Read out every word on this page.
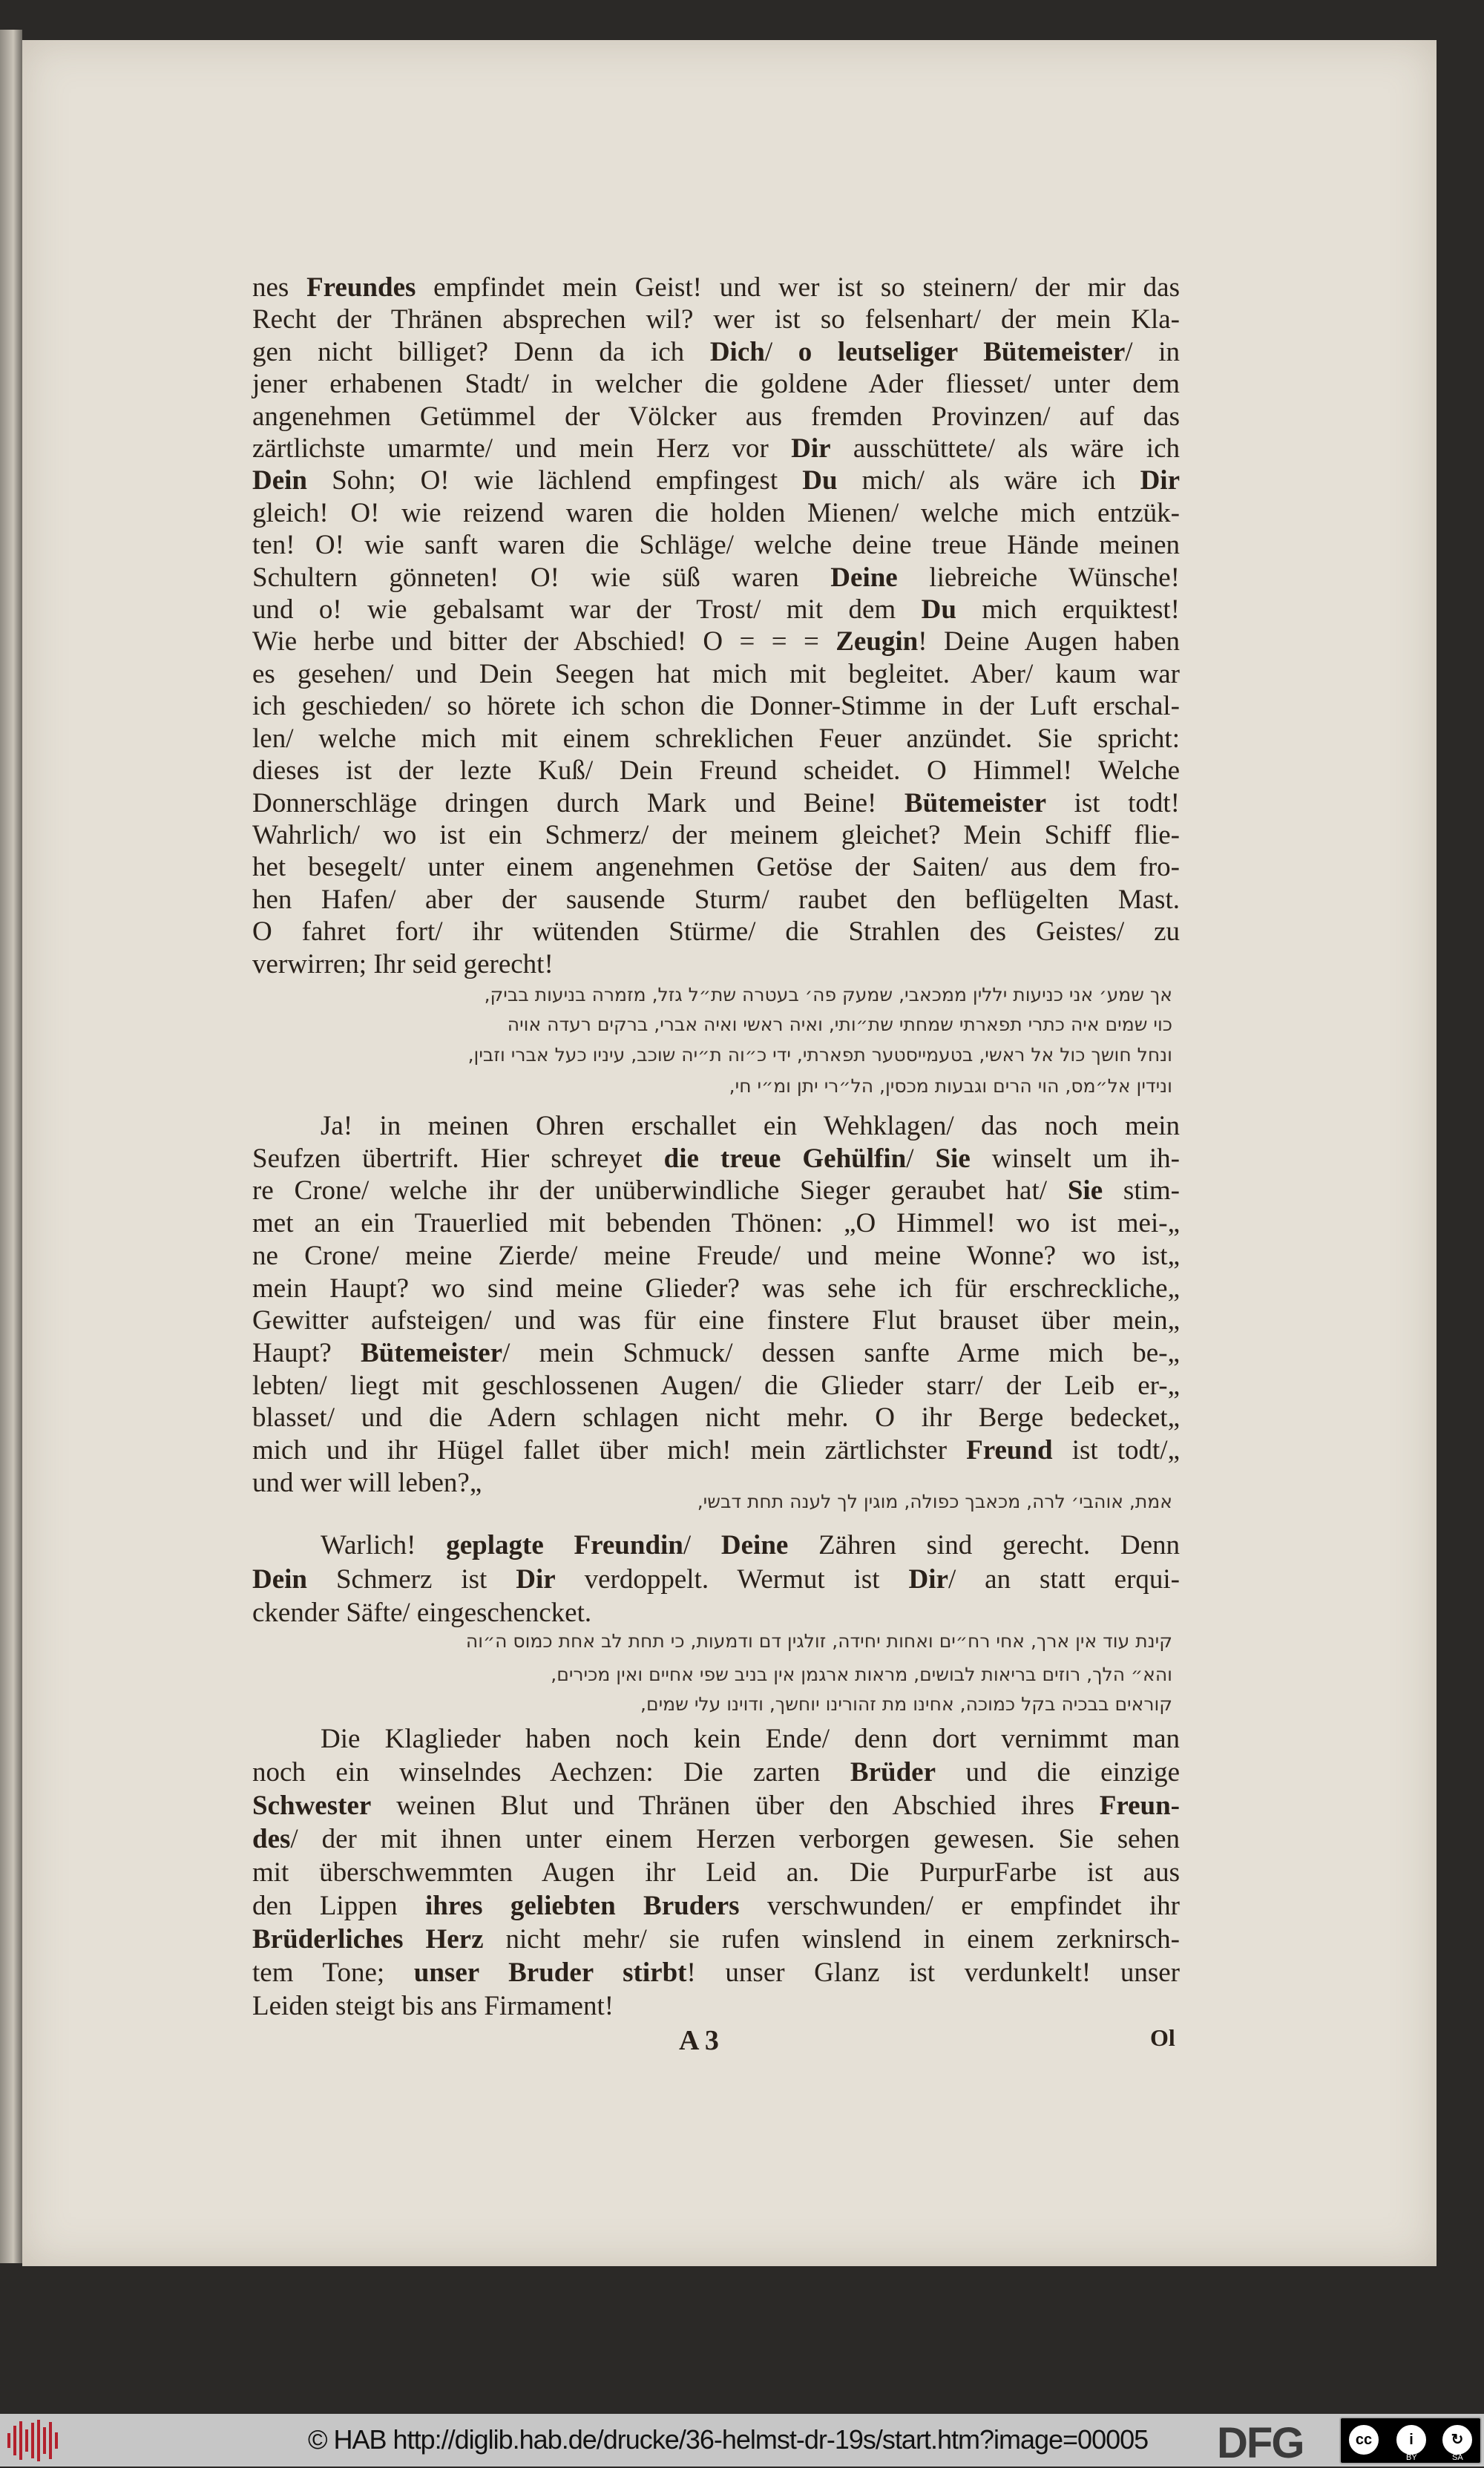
nes Freundes empfindet mein Geist! und wer ist so steinern/ der mir das
Recht der Thränen absprechen wil? wer ist so felsenhart/ der mein Kla-
gen nicht billiget? Denn da ich Dich/ o leutseliger Bütemeister/ in
jener erhabenen Stadt/ in welcher die goldene Ader fliesset/ unter dem
angenehmen Getümmel der Völcker aus fremden Provinzen/ auf das
zärtlichste umarmte/ und mein Herz vor Dir ausschüttete/ als wäre ich
Dein Sohn; O! wie lächlend empfingest Du mich/ als wäre ich Dir
gleich! O! wie reizend waren die holden Mienen/ welche mich entzük-
ten! O! wie sanft waren die Schläge/ welche deine treue Hände meinen
Schultern gönneten! O! wie süß waren Deine liebreiche Wünsche!
und o! wie gebalsamt war der Trost/ mit dem Du mich erquiktest!
Wie herbe und bitter der Abschied! O = = = Zeugin! Deine Augen haben
es gesehen/ und Dein Seegen hat mich mit begleitet. Aber/ kaum war
ich geschieden/ so hörete ich schon die Donner-Stimme in der Luft erschal-
len/ welche mich mit einem schreklichen Feuer anzündet. Sie spricht:
dieses ist der lezte Kuß/ Dein Freund scheidet. O Himmel! Welche
Donnerschläge dringen durch Mark und Beine! Bütemeister ist todt!
Wahrlich/ wo ist ein Schmerz/ der meinem gleichet? Mein Schiff flie-
het besegelt/ unter einem angenehmen Getöse der Saiten/ aus dem fro-
hen Hafen/ aber der sausende Sturm/ raubet den beflügelten Mast.
O fahret fort/ ihr wütenden Stürme/ die Strahlen des Geistes/ zu
verwirren; Ihr seid gerecht!
אך שמע׳ אני כניעות יללין ממכאבי, שמעק פה׳ בעטרה שת״ל גזל, מזמרה בניעות בביק,
כוי שמים איה כתרי תפארתי שמחתי שת״ותי, ואיה ראשי ואיה אברי, ברקים רעדה אויה
ונחל חושך כול אל ראשי, בטעמייסטער תפארתי, ידי כ״וה ת״יה שוכב, עיניו כעל אברי וזבין,
ונידין אל״מס, הוי הרים וגבעות מכסין, הל״רי יתן ומ״י חי,
Ja! in meinen Ohren erschallet ein Wehklagen/ das noch mein
Seufzen übertrift. Hier schreyet die treue Gehülfin/ Sie winselt um ih-
re Crone/ welche ihr der unüberwindliche Sieger geraubet hat/ Sie stim-
met an ein Trauerlied mit bebenden Thönen: „O Himmel! wo ist mei-„
ne Crone/ meine Zierde/ meine Freude/ und meine Wonne? wo ist„
mein Haupt? wo sind meine Glieder? was sehe ich für erschreckliche„
Gewitter aufsteigen/ und was für eine finstere Flut brauset über mein„
Haupt? Bütemeister/ mein Schmuck/ dessen sanfte Arme mich be-„
lebten/ liegt mit geschlossenen Augen/ die Glieder starr/ der Leib er-„
blasset/ und die Adern schlagen nicht mehr. O ihr Berge bedecket„
mich und ihr Hügel fallet über mich! mein zärtlichster Freund ist todt/„
und wer will leben?„
אמת, אוהבי׳ לרה, מכאבך כפולה, מוגין לך לענה תחת דבשי,
Warlich! geplagte Freundin/ Deine Zähren sind gerecht. Denn
Dein Schmerz ist Dir verdoppelt. Wermut ist Dir/ an statt erqui-
ckender Säfte/ eingeschencket.
קינת עוד אין ארך, אחי רח״ים ואחות יחידה, זולגין דם ודמעות, כי תחת לב אחת כמוס ה״וה
והא״ הלך, רוזים בריאות לבושים, מראות ארגמן אין בניב שפי אחיים ואין מכירים,
קוראים בבכיה בקל כמוכה, אחינו מת זהורינו יוחשך, ודוינו עלי שמים,
Die Klaglieder haben noch kein Ende/ denn dort vernimmt man
noch ein winselndes Aechzen: Die zarten Brüder und die einzige
Schwester weinen Blut und Thränen über den Abschied ihres Freun-
des/ der mit ihnen unter einem Herzen verborgen gewesen. Sie sehen
mit überschwemmten Augen ihr Leid an. Die PurpurFarbe ist aus
den Lippen ihres geliebten Bruders verschwunden/ er empfindet ihr
Brüderliches Herz nicht mehr/ sie rufen winslend in einem zerknirsch-
tem Tone; unser Bruder stirbt! unser Glanz ist verdunkelt! unser
Leiden steigt bis ans Firmament!
A 3	Ol
© HAB http://diglib.hab.de/drucke/36-helmst-dr-19s/start.htm?image=00005 DFG	cc	i	↻
BY	SA
